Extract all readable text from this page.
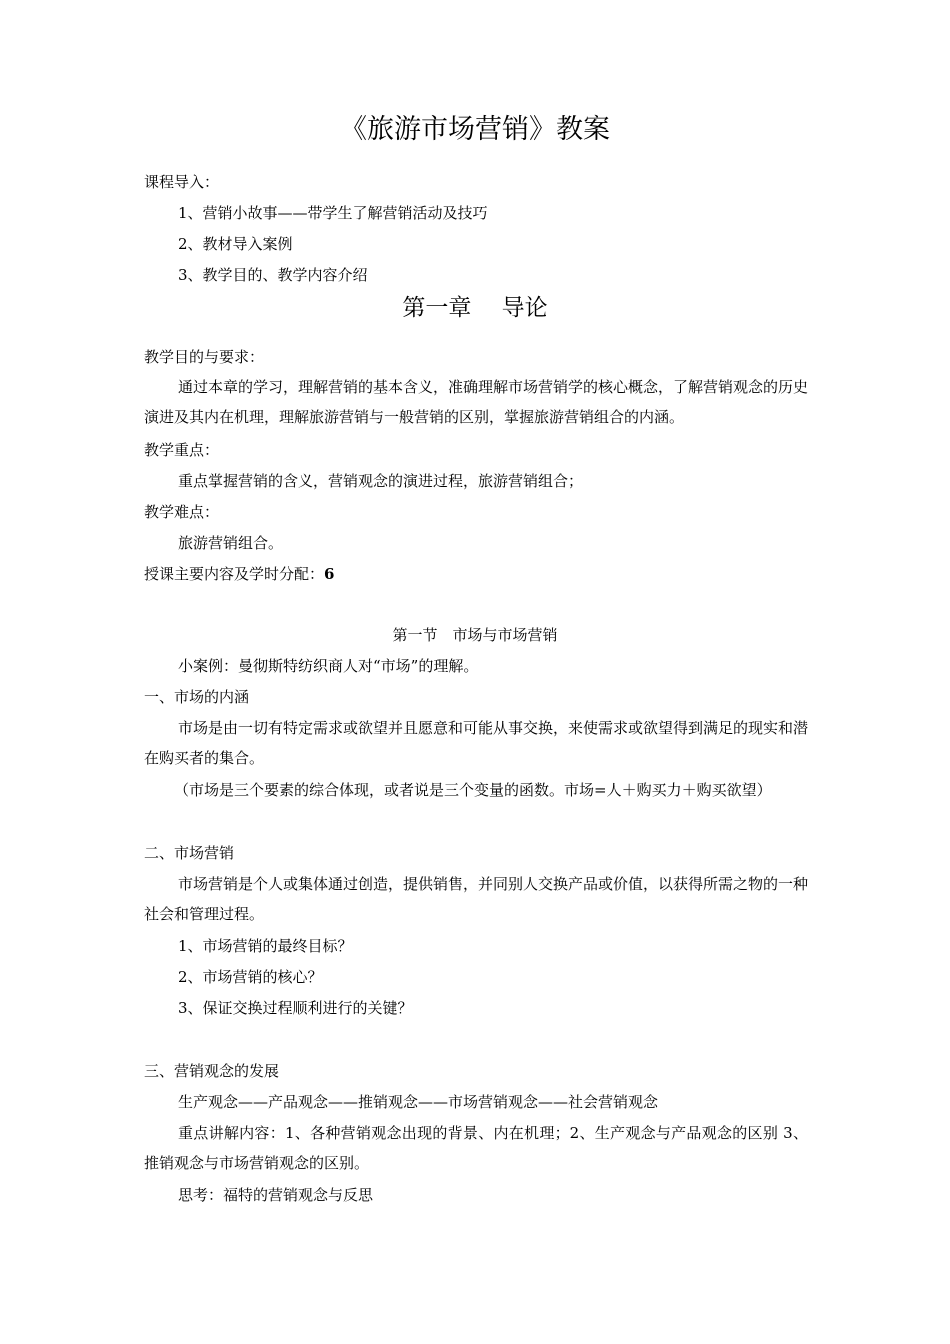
《旅游市场营销》教案
课程导入：
1、营销小故事——带学生了解营销活动及技巧
2、教材导入案例
3、教学目的、教学内容介绍
第一章　 导论
教学目的与要求：
通过本章的学习，理解营销的基本含义，准确理解市场营销学的核心概念，了解营销观念的历史演进及其内在机理，理解旅游营销与一般营销的区别，掌握旅游营销组合的内涵。
教学重点：
重点掌握营销的含义，营销观念的演进过程，旅游营销组合；
教学难点：
旅游营销组合。
授课主要内容及学时分配：6
第一节　市场与市场营销
小案例：曼彻斯特纺织商人对“市场”的理解。
一、市场的内涵
市场是由一切有特定需求或欲望并且愿意和可能从事交换，来使需求或欲望得到满足的现实和潜在购买者的集合。
（市场是三个要素的综合体现，或者说是三个变量的函数。市场=人＋购买力＋购买欲望）
二、市场营销
市场营销是个人或集体通过创造，提供销售，并同别人交换产品或价值，以获得所需之物的一种社会和管理过程。
1、市场营销的最终目标？
2、市场营销的核心？
3、保证交换过程顺利进行的关键？
三、营销观念的发展
生产观念——产品观念——推销观念——市场营销观念——社会营销观念
重点讲解内容：1、各种营销观念出现的背景、内在机理；2、生产观念与产品观念的区别 3、推销观念与市场营销观念的区别。
思考：福特的营销观念与反思
